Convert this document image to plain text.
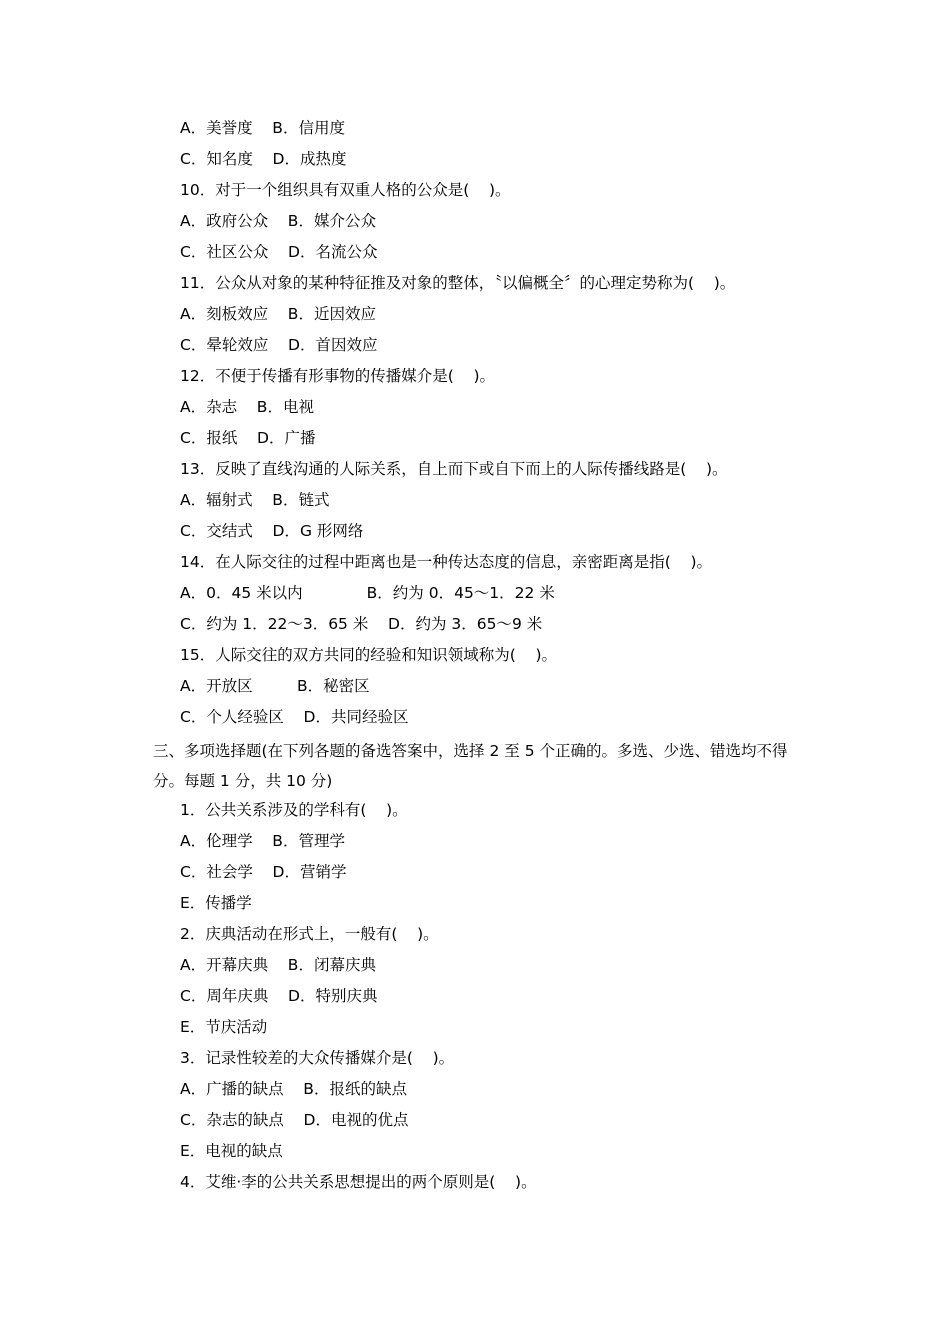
A．美誉度    B．信用度
C．知名度    D．成热度
10．对于一个组织具有双重人格的公众是(    )。
A．政府公众    B．媒介公众
C．社区公众    D．名流公众
11．公众从对象的某种特征推及对象的整体，〝以偏概全〞的心理定势称为(    )。
A．刻板效应    B．近因效应
C．晕轮效应    D．首因效应
12．不便于传播有形事物的传播媒介是(    )。
A．杂志    B．电视
C．报纸    D．广播
13．反映了直线沟通的人际关系，自上而下或自下而上的人际传播线路是(    )。
A．辐射式    B．链式
C．交结式    D．G 形网络
14．在人际交往的过程中距离也是一种传达态度的信息，亲密距离是指(    )。
A．0．45 米以内             B．约为 0．45～1．22 米
C．约为 1．22～3．65 米    D．约为 3．65～9 米
15．人际交往的双方共同的经验和知识领域称为(    )。
A．开放区         B．秘密区
C．个人经验区    D．共同经验区
三、多项选择题(在下列各题的备选答案中，选择 2 至 5 个正确的。多选、少选、错选均不得分。每题 1 分，共 10 分)
1．公共关系涉及的学科有(    )。
A．伦理学    B．管理学
C．社会学    D．营销学
E．传播学
2．庆典活动在形式上，一般有(    )。
A．开幕庆典    B．闭幕庆典
C．周年庆典    D．特别庆典
E．节庆活动
3．记录性较差的大众传播媒介是(    )。
A．广播的缺点    B．报纸的缺点
C．杂志的缺点    D．电视的优点
E．电视的缺点
4．艾维·李的公共关系思想提出的两个原则是(    )。
